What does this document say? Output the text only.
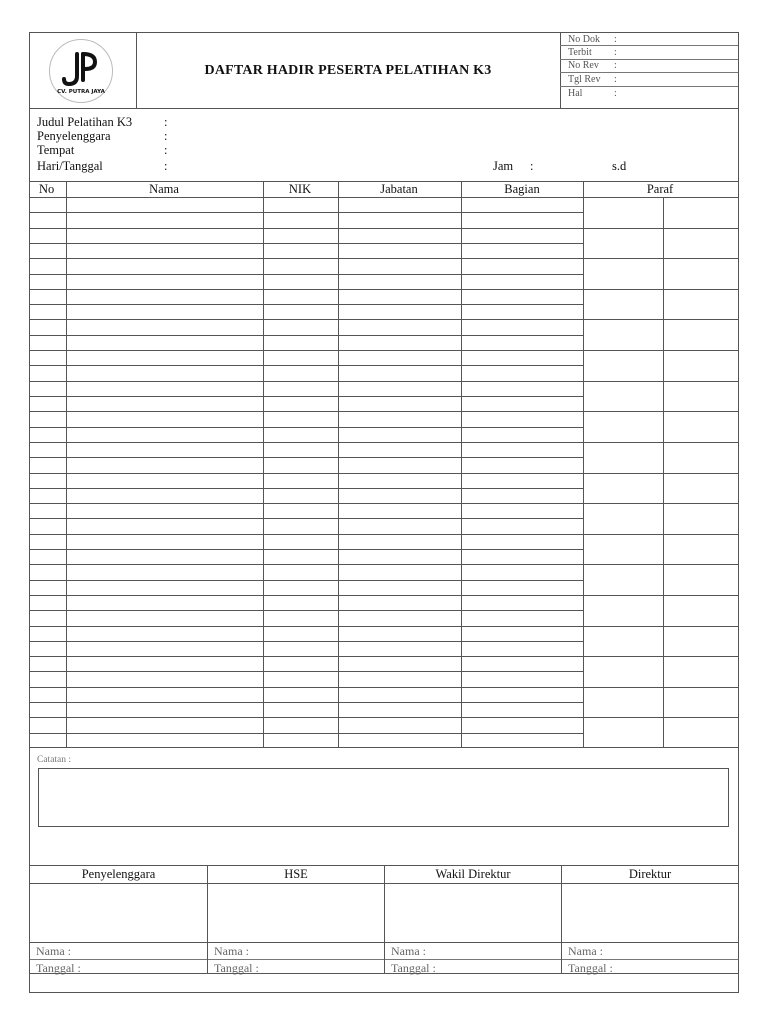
CV. PUTRA JAYA
DAFTAR HADIR PESERTA PELATIHAN K3
No Dok	:
Terbit	:
No Rev	:
Tgl Rev	:
Hal	:
Judul Pelatihan K3	:
Penyelenggara	:
Tempat	:
Hari/Tanggal	:	Jam :	s.d
No	Nama	NIK	Jabatan	Bagian	Paraf
Catatan :
Penyelenggara
Nama :
Tanggal :
HSE
Nama :
Tanggal :
Wakil Direktur
Nama :
Tanggal :
Direktur
Nama :
Tanggal :
